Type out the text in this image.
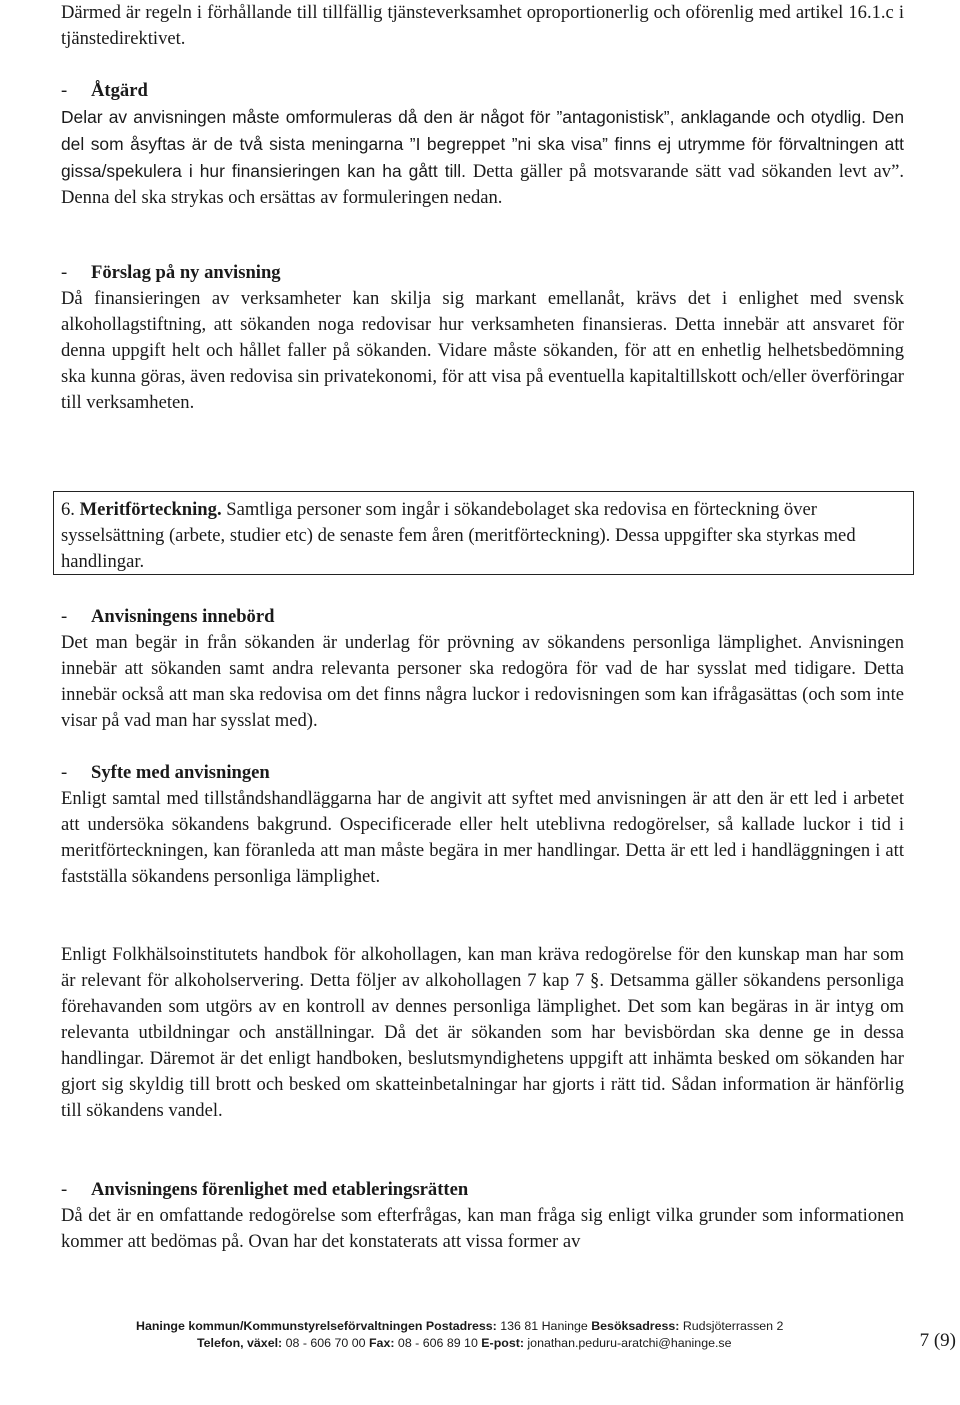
Därmed är regeln i förhållande till tillfällig tjänsteverksamhet oproportionerlig och oförenlig med artikel 16.1.c i tjänstedirektivet.

- Åtgärd

Delar av anvisningen måste omformuleras då den är något för ”antagonistisk”, anklagande och otydlig. Den del som åsyftas är de två sista meningarna ”I begreppet ”ni ska visa” finns ej utrymme för förvaltningen att gissa/spekulera i hur finansieringen kan ha gått till. Detta gäller på motsvarande sätt vad sökanden levt av”. Denna del ska strykas och ersättas av formuleringen nedan.

- Förslag på ny anvisning

Då finansieringen av verksamheter kan skilja sig markant emellanåt, krävs det i enlighet med svensk alkohollagstiftning, att sökanden noga redovisar hur verksamheten finansieras. Detta innebär att ansvaret för denna uppgift helt och hållet faller på sökanden. Vidare måste sökanden, för att en enhetlig helhetsbedömning ska kunna göras, även redovisa sin privatekonomi, för att visa på eventuella kapitaltillskott och/eller överföringar till verksamheten.

6. Meritförteckning. Samtliga personer som ingår i sökandebolaget ska redovisa en förteckning över sysselsättning (arbete, studier etc) de senaste fem åren (meritförteckning). Dessa uppgifter ska styrkas med handlingar.

- Anvisningens innebörd

Det man begär in från sökanden är underlag för prövning av sökandens personliga lämplighet. Anvisningen innebär att sökanden samt andra relevanta personer ska redogöra för vad de har sysslat med tidigare. Detta innebär också att man ska redovisa om det finns några luckor i redovisningen som kan ifrågasättas (och som inte visar på vad man har sysslat med).

- Syfte med anvisningen

Enligt samtal med tillståndshandläggarna har de angivit att syftet med anvisningen är att den är ett led i arbetet att undersöka sökandens bakgrund. Ospecificerade eller helt uteblivna redogörelser, så kallade luckor i tid i meritförteckningen, kan föranleda att man måste begära in mer handlingar. Detta är ett led i handläggningen i att fastställa sökandens personliga lämplighet.

Enligt Folkhälsoinstitutets handbok för alkohollagen, kan man kräva redogörelse för den kunskap man har som är relevant för alkoholservering. Detta följer av alkohollagen 7 kap 7 §. Detsamma gäller sökandens personliga förehavanden som utgörs av en kontroll av dennes personliga lämplighet. Det som kan begäras in är intyg om relevanta utbildningar och anställningar. Då det är sökanden som har bevisbördan ska denne ge in dessa handlingar. Däremot är det enligt handboken, beslutsmyndighetens uppgift att inhämta besked om sökanden har gjort sig skyldig till brott och besked om skatteinbetalningar har gjorts i rätt tid. Sådan information är hänförlig till sökandens vandel.

- Anvisningens förenlighet med etableringsrätten

Då det är en omfattande redogörelse som efterfrågas, kan man fråga sig enligt vilka grunder som informationen kommer att bedömas på. Ovan har det konstaterats att vissa former av

Haninge kommun/Kommunstyrelseförvaltningen Postadress: 136 81 Haninge Besöksadress: Rudsjöterrassen 2
Telefon, växel: 08 - 606 70 00 Fax: 08 - 606 89 10 E-post: jonathan.peduru-aratchi@haninge.se	7 (9)
